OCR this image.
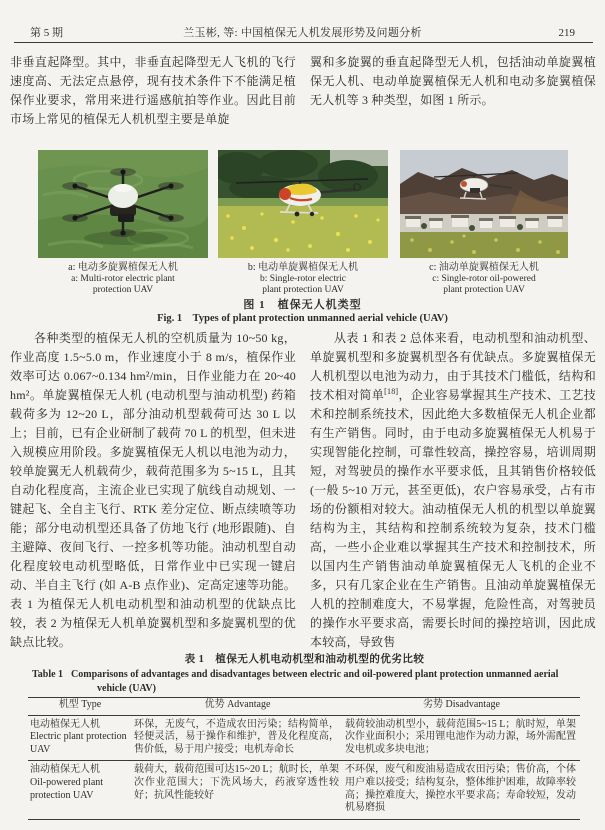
第 5 期	兰玉彬, 等: 中国植保无人机发展形势及问题分析	219

非垂直起降型。其中，非垂直起降型无人飞机的飞行速度高、无法定点悬停，现有技术条件下不能满足植保作业要求，常用来进行遥感航拍等作业。因此目前市场上常见的植保无人机机型主要是单旋

翼和多旋翼的垂直起降型无人机，包括油动单旋翼植保无人机、电动单旋翼植保无人机和电动多旋翼植保无人机等 3 种类型，如图 1 所示。

a: 电动多旋翼植保无人机
a: Multi-rotor electric plant
protection UAV
b: 电动单旋翼植保无人机
b: Single-rotor electric
plant protection UAV
c: 油动单旋翼植保无人机
c: Single-rotor oil-powered
plant protection UAV
图 1　植保无人机类型
Fig. 1　Types of plant protection unmanned aerial vehicle (UAV)

各种类型的植保无人机的空机质量为 10~50 kg，作业高度 1.5~5.0 m，作业速度小于 8 m/s，植保作业效率可达 0.067~0.134 hm²/min，日作业能力在 20~40 hm²。单旋翼植保无人机 (电动机型与油动机型) 药箱载荷多为 12~20 L，部分油动机型载荷可达 30 L 以上；目前，已有企业研制了载荷 70 L 的机型，但未进入规模应用阶段。多旋翼植保无人机以电池为动力，较单旋翼无人机载荷少，载荷范围多为 5~15 L，且其自动化程度高，主流企业已实现了航线自动规划、一键起飞、全自主飞行、RTK 差分定位、断点续喷等功能；部分电动机型还具备了仿地飞行 (地形跟随)、自主避障、夜间飞行、一控多机等功能。油动机型自动化程度较电动机型略低，日常作业中已实现一键启动、半自主飞行 (如 A-B 点作业)、定高定速等功能。表 1 为植保无人机电动机型和油动机型的优缺点比较，表 2 为植保无人机单旋翼机型和多旋翼机型的优缺点比较。

从表 1 和表 2 总体来看，电动机型和油动机型、单旋翼机型和多旋翼机型各有优缺点。多旋翼植保无人机机型以电池为动力，由于其技术门槛低，结构和技术相对简单[18]，企业容易掌握其生产技术、工艺技术和控制系统技术，因此绝大多数植保无人机企业都有生产销售。同时，由于电动多旋翼植保无人机易于实现智能化控制，可靠性较高，操控容易，培训周期短，对驾驶员的操作水平要求低，且其销售价格较低 (一般 5~10 万元，甚至更低)，农户容易承受，占有市场的份额相对较大。油动植保无人机的机型以单旋翼结构为主，其结构和控制系统较为复杂，技术门槛高，一些小企业难以掌握其生产技术和控制技术，所以国内生产销售油动单旋翼植保无人飞机的企业不多，只有几家企业在生产销售。且油动单旋翼植保无人机的控制难度大，不易掌握，危险性高，对驾驶员的操作水平要求高，需要长时间的操控培训，因此成本较高，导致售

表 1　植保无人机电动机型和油动机型的优劣比较

Table 1 Comparisons of advantages and disadvantages between electric and oil-powered plant protection unmanned aerial vehicle (UAV)

机型 Type	优势 Advantage	劣势 Disadvantage

电动植保无人机
Electric plant protection UAV	环保，无废气，不造成农田污染；结构简单，轻便灵活，易于操作和维护，普及化程度高，售价低，易于用户接受；电机寿命长	载荷较油动机型小，载荷范围5~15 L；航时短，单架次作业面积小；采用锂电池作为动力源，场外需配置发电机或多块电池；

油动植保无人机
Oil-powered plant protection UAV	载荷大，载荷范围可达15~20 L；航时长，单架次作业范围大；下洗风场大，药液穿透性较好；抗风性能较好	不环保，废气和废油易造成农田污染；售价高，个体用户难以接受；结构复杂，整体维护困难，故障率较高；操控难度大，操控水平要求高；寿命较短，发动机易磨损
